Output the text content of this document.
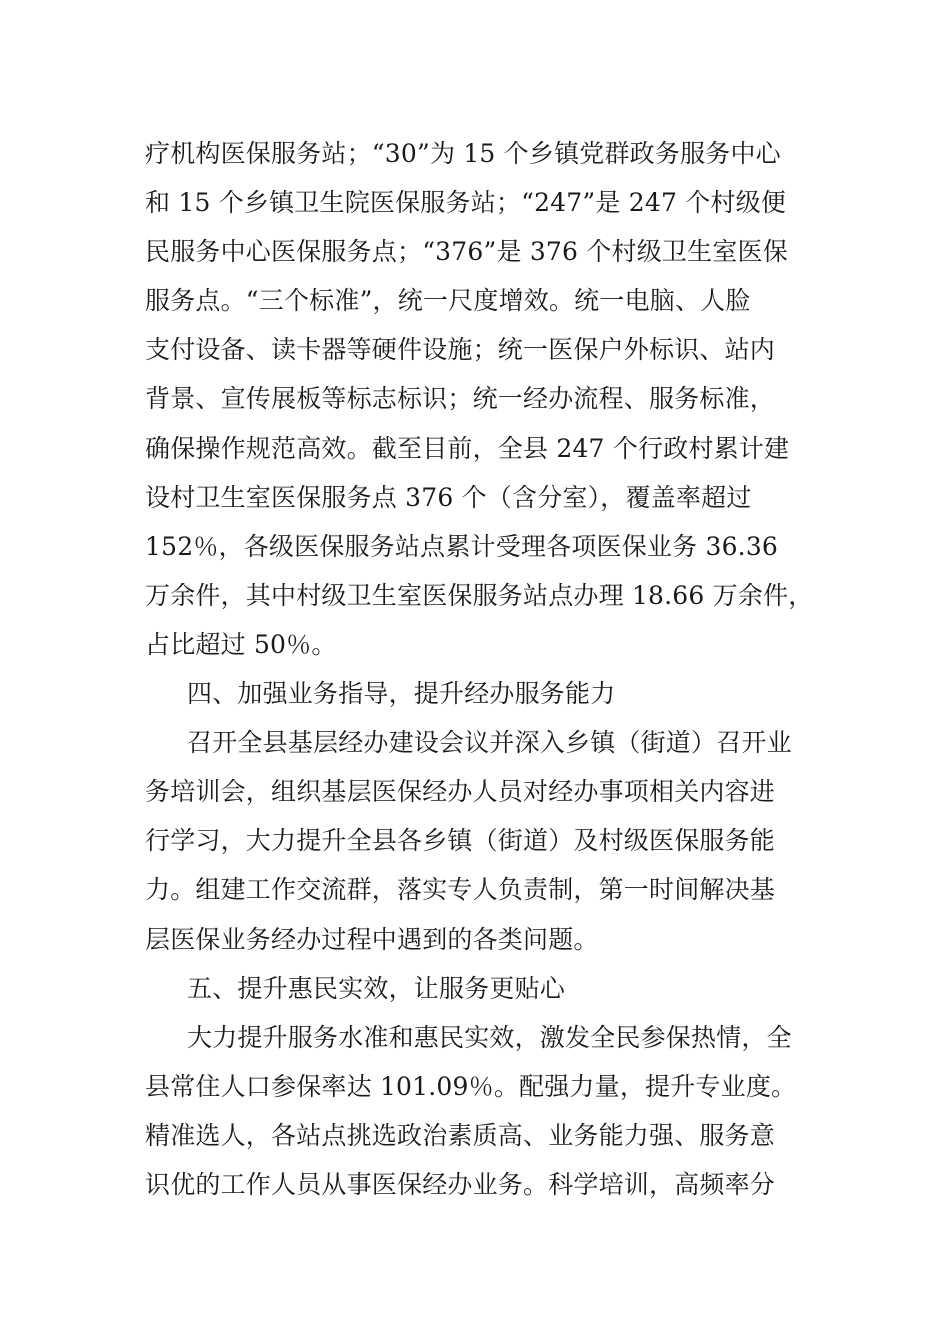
疗机构医保服务站；“30”为 15 个乡镇党群政务服务中心
和 15 个乡镇卫生院医保服务站；“247”是 247 个村级便
民服务中心医保服务点；“376”是 376 个村级卫生室医保
服务点。“三个标准”，统一尺度增效。统一电脑、人脸
支付设备、读卡器等硬件设施；统一医保户外标识、站内
背景、宣传展板等标志标识；统一经办流程、服务标准，
确保操作规范高效。截至目前，全县 247 个行政村累计建
设村卫生室医保服务点 376 个（含分室），覆盖率超过
152％，各级医保服务站点累计受理各项医保业务 36.36
万余件，其中村级卫生室医保服务站点办理 18.66 万余件，
占比超过 50％。
四、加强业务指导，提升经办服务能力
召开全县基层经办建设会议并深入乡镇（街道）召开业
务培训会，组织基层医保经办人员对经办事项相关内容进
行学习，大力提升全县各乡镇（街道）及村级医保服务能
力。组建工作交流群，落实专人负责制，第一时间解决基
层医保业务经办过程中遇到的各类问题。
五、提升惠民实效，让服务更贴心
大力提升服务水准和惠民实效，激发全民参保热情，全
县常住人口参保率达 101.09％。配强力量，提升专业度。
精准选人，各站点挑选政治素质高、业务能力强、服务意
识优的工作人员从事医保经办业务。科学培训，高频率分
